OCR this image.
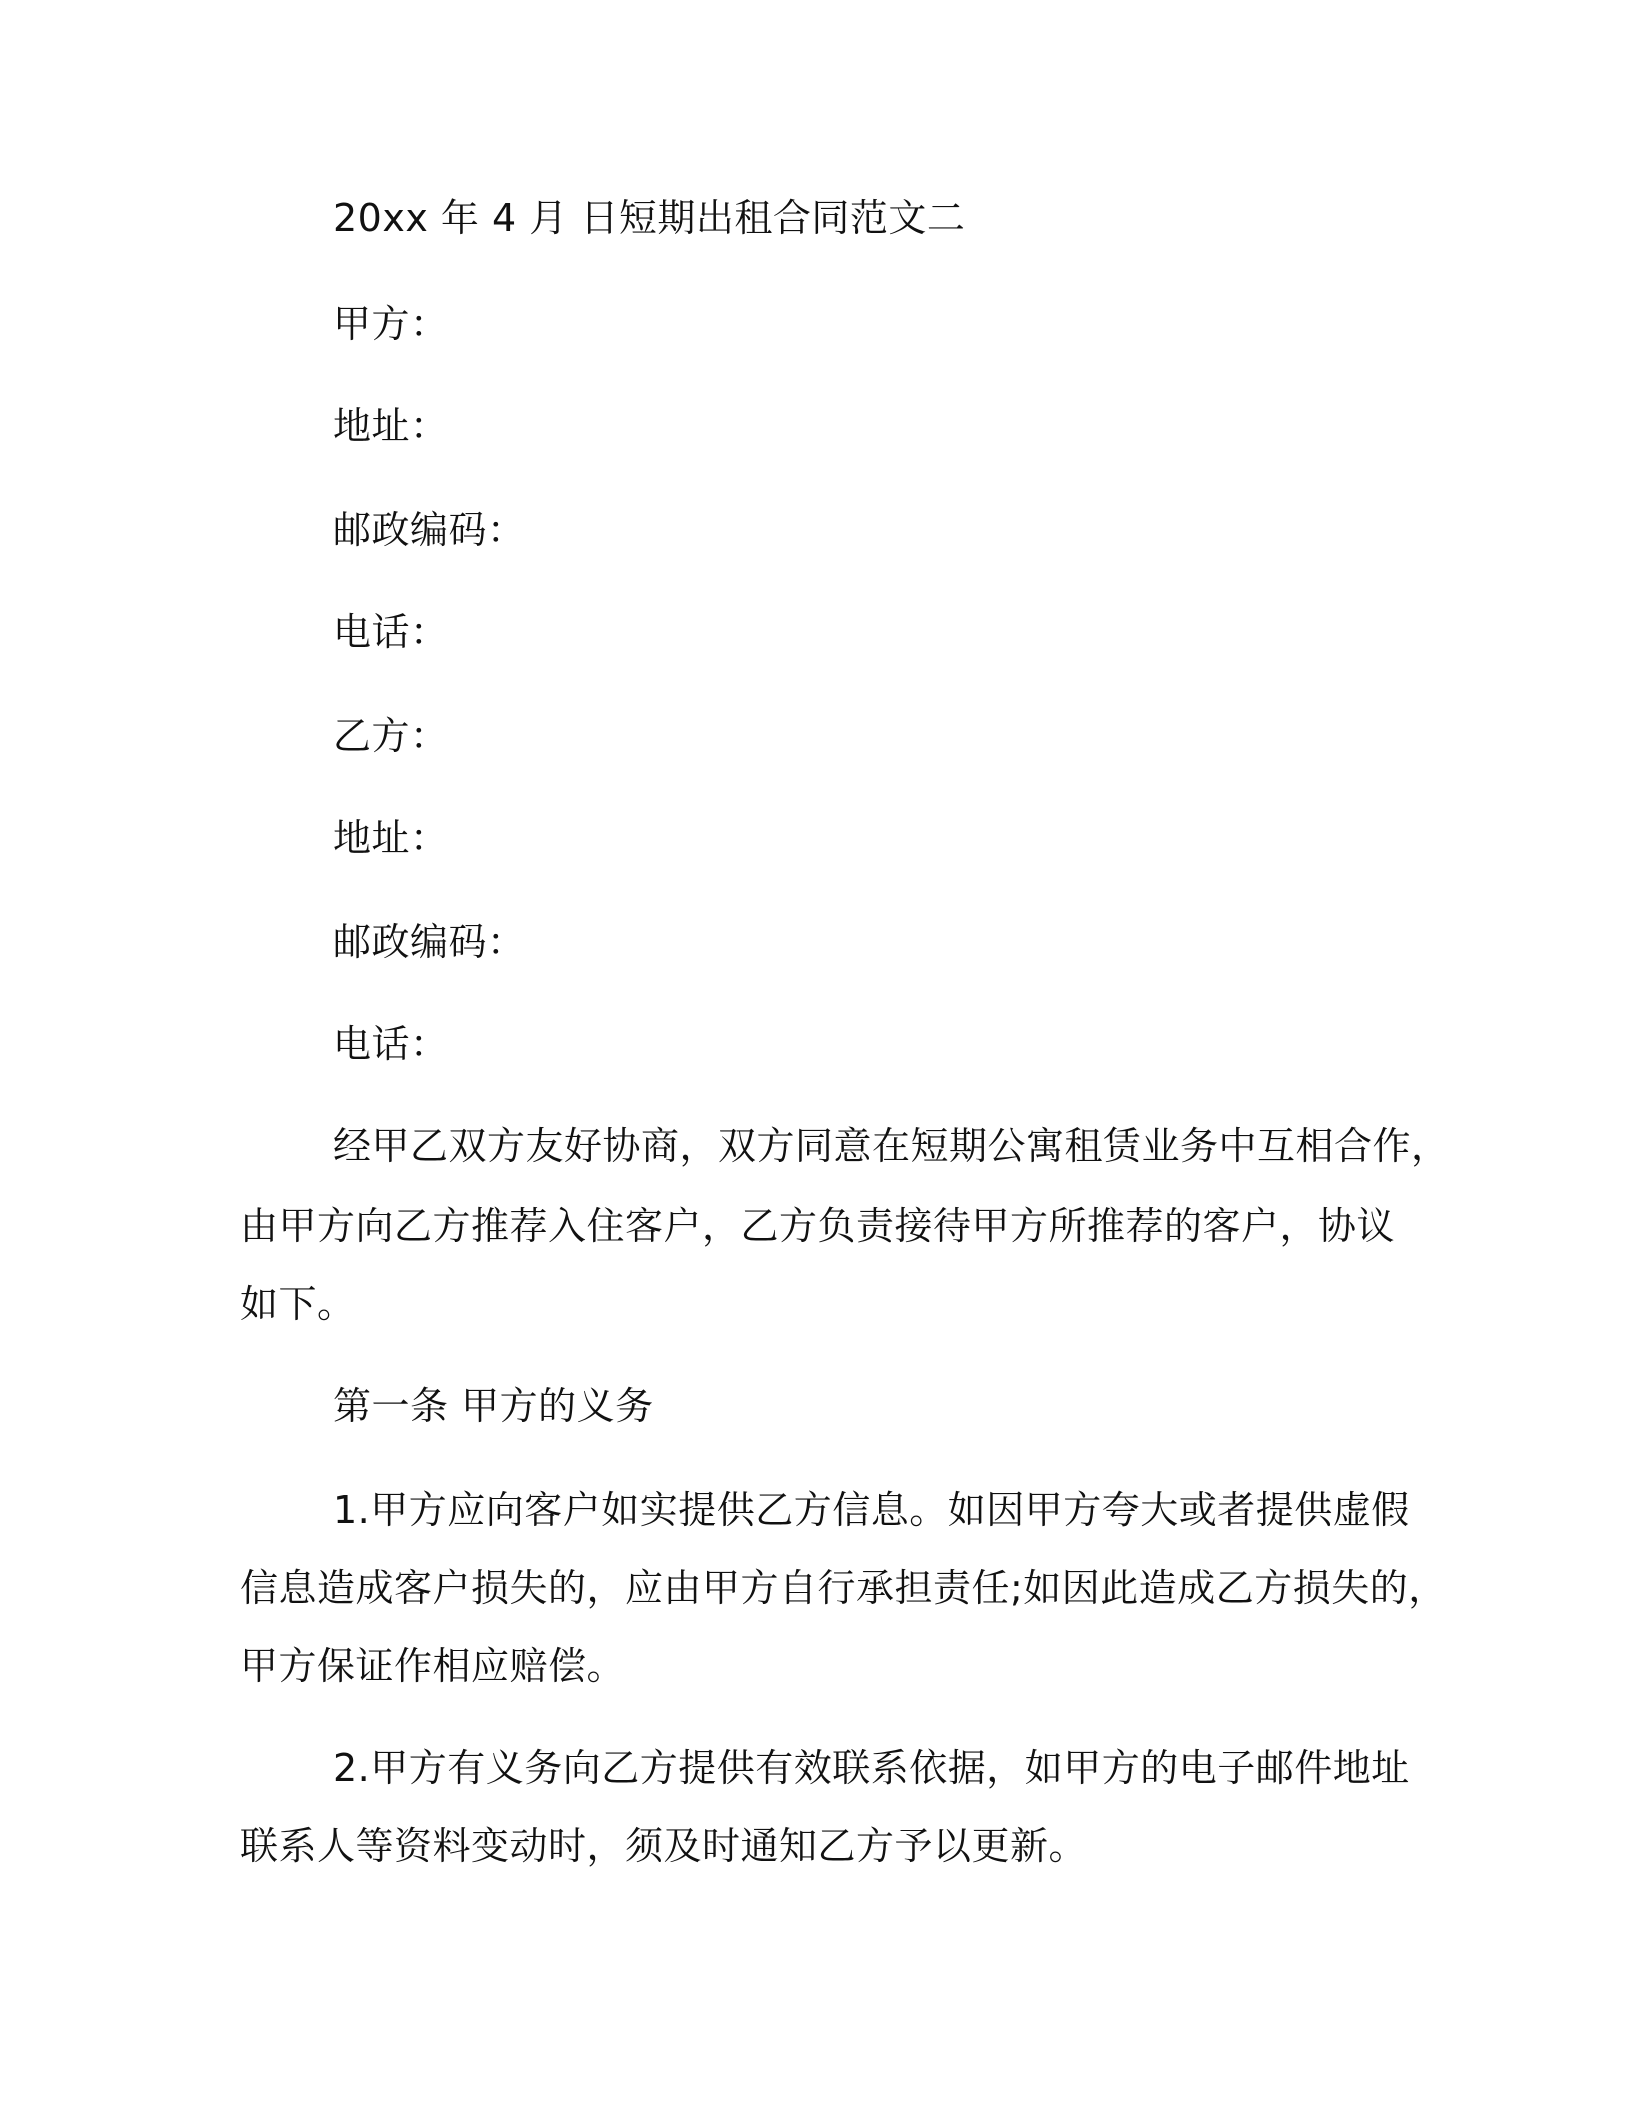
20xx 年 4 月 日短期出租合同范文二

甲方：

地址：

邮政编码：

电话：

乙方：

地址：

邮政编码：

电话：

经甲乙双方友好协商，双方同意在短期公寓租赁业务中互相合作，

由甲方向乙方推荐入住客户，乙方负责接待甲方所推荐的客户，协议

如下。

第一条 甲方的义务

1.甲方应向客户如实提供乙方信息。如因甲方夸大或者提供虚假

信息造成客户损失的，应由甲方自行承担责任;如因此造成乙方损失的，

甲方保证作相应赔偿。

2.甲方有义务向乙方提供有效联系依据，如甲方的电子邮件地址

联系人等资料变动时，须及时通知乙方予以更新。
